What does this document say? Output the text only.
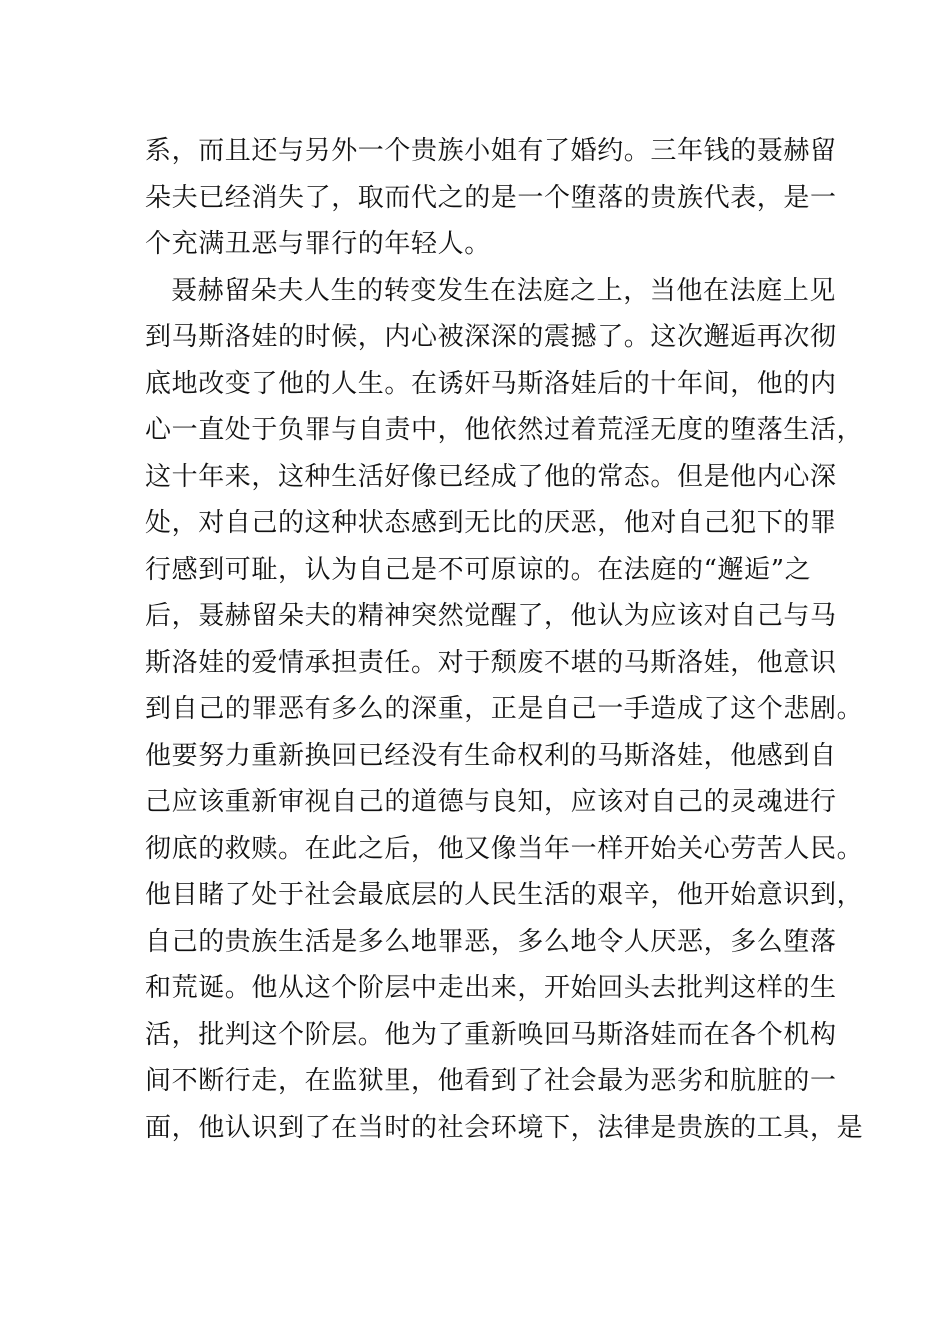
系，而且还与另外一个贵族小姐有了婚约。三年钱的聂赫留
朵夫已经消失了，取而代之的是一个堕落的贵族代表，是一
个充满丑恶与罪行的年轻人。
聂赫留朵夫人生的转变发生在法庭之上，当他在法庭上见
到马斯洛娃的时候，内心被深深的震撼了。这次邂逅再次彻
底地改变了他的人生。在诱奸马斯洛娃后的十年间，他的内
心一直处于负罪与自责中，他依然过着荒淫无度的堕落生活，
这十年来，这种生活好像已经成了他的常态。但是他内心深
处，对自己的这种状态感到无比的厌恶，他对自己犯下的罪
行感到可耻，认为自己是不可原谅的。在法庭的“邂逅”之
后，聂赫留朵夫的精神突然觉醒了，他认为应该对自己与马
斯洛娃的爱情承担责任。对于颓废不堪的马斯洛娃，他意识
到自己的罪恶有多么的深重，正是自己一手造成了这个悲剧。
他要努力重新换回已经没有生命权利的马斯洛娃，他感到自
己应该重新审视自己的道德与良知，应该对自己的灵魂进行
彻底的救赎。在此之后，他又像当年一样开始关心劳苦人民。
他目睹了处于社会最底层的人民生活的艰辛，他开始意识到，
自己的贵族生活是多么地罪恶，多么地令人厌恶，多么堕落
和荒诞。他从这个阶层中走出来，开始回头去批判这样的生
活，批判这个阶层。他为了重新唤回马斯洛娃而在各个机构
间不断行走，在监狱里，他看到了社会最为恶劣和肮脏的一
面，他认识到了在当时的社会环境下，法律是贵族的工具，是
